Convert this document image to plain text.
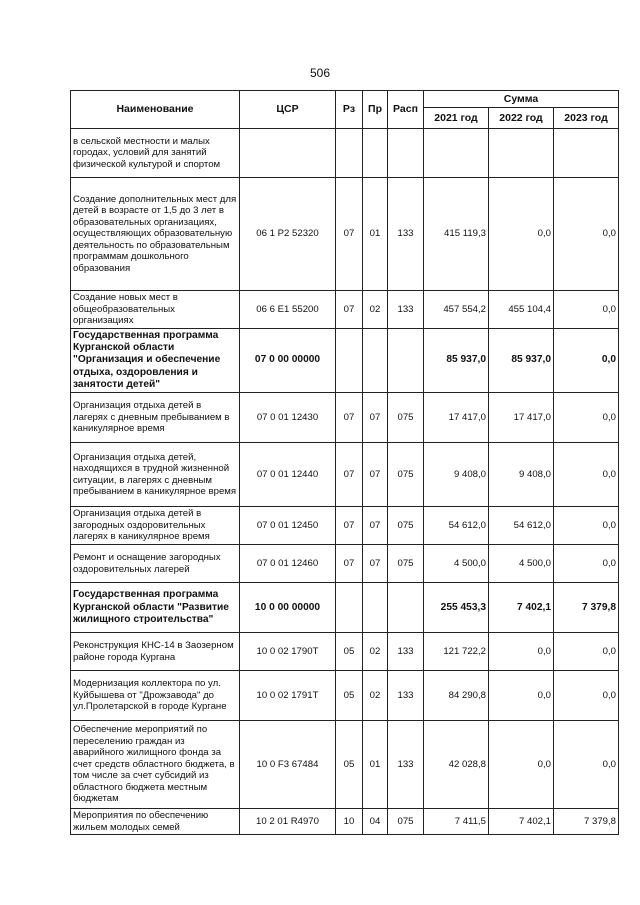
506
Наименование	ЦСР	Рз	Пр	Расп	Сумма		
					2021 год	2022 год	2023 год
в сельской местности и малых городах, условий для занятий физической культурой и спортом							
Создание дополнительных мест для детей в возрасте от 1,5 до 3 лет в образовательных организациях, осуществляющих образовательную деятельность по образовательным программам дошкольного образования	06 1 P2 52320	07	01	133	415 119,3	0,0	0,0
Создание новых мест в общеобразовательных организациях	06 6 E1 55200	07	02	133	457 554,2	455 104,4	0,0
Государственная программа Курганской области "Организация и обеспечение отдыха, оздоровления и занятости детей"	07 0 00 00000				85 937,0	85 937,0	0,0
Организация отдыха детей в лагерях с дневным пребыванием в каникулярное время	07 0 01 12430	07	07	075	17 417,0	17 417,0	0,0
Организация отдыха детей, находящихся в трудной жизненной ситуации, в лагерях с дневным пребыванием в каникулярное время	07 0 01 12440	07	07	075	9 408,0	9 408,0	0,0
Организация отдыха детей в загородных оздоровительных лагерях в каникулярное время	07 0 01 12450	07	07	075	54 612,0	54 612,0	0,0
Ремонт и оснащение загородных оздоровительных лагерей	07 0 01 12460	07	07	075	4 500,0	4 500,0	0,0
Государственная программа Курганской области "Развитие жилищного строительства"	10 0 00 00000				255 453,3	7 402,1	7 379,8
Реконструкция КНС-14 в Заозерном районе города Кургана	10 0 02 1790T	05	02	133	121 722,2	0,0	0,0
Модернизация коллектора по ул. Куйбышева от "Дрожзавода" до ул.Пролетарской в городе Кургане	10 0 02 1791T	05	02	133	84 290,8	0,0	0,0
Обеспечение мероприятий по переселению граждан из аварийного жилищного фонда за счет средств областного бюджета, в том числе за счет субсидий из областного бюджета местным бюджетам	10 0 F3 67484	05	01	133	42 028,8	0,0	0,0
Мероприятия по обеспечению жильем молодых семей	10 2 01 R4970	10	04	075	7 411,5	7 402,1	7 379,8
